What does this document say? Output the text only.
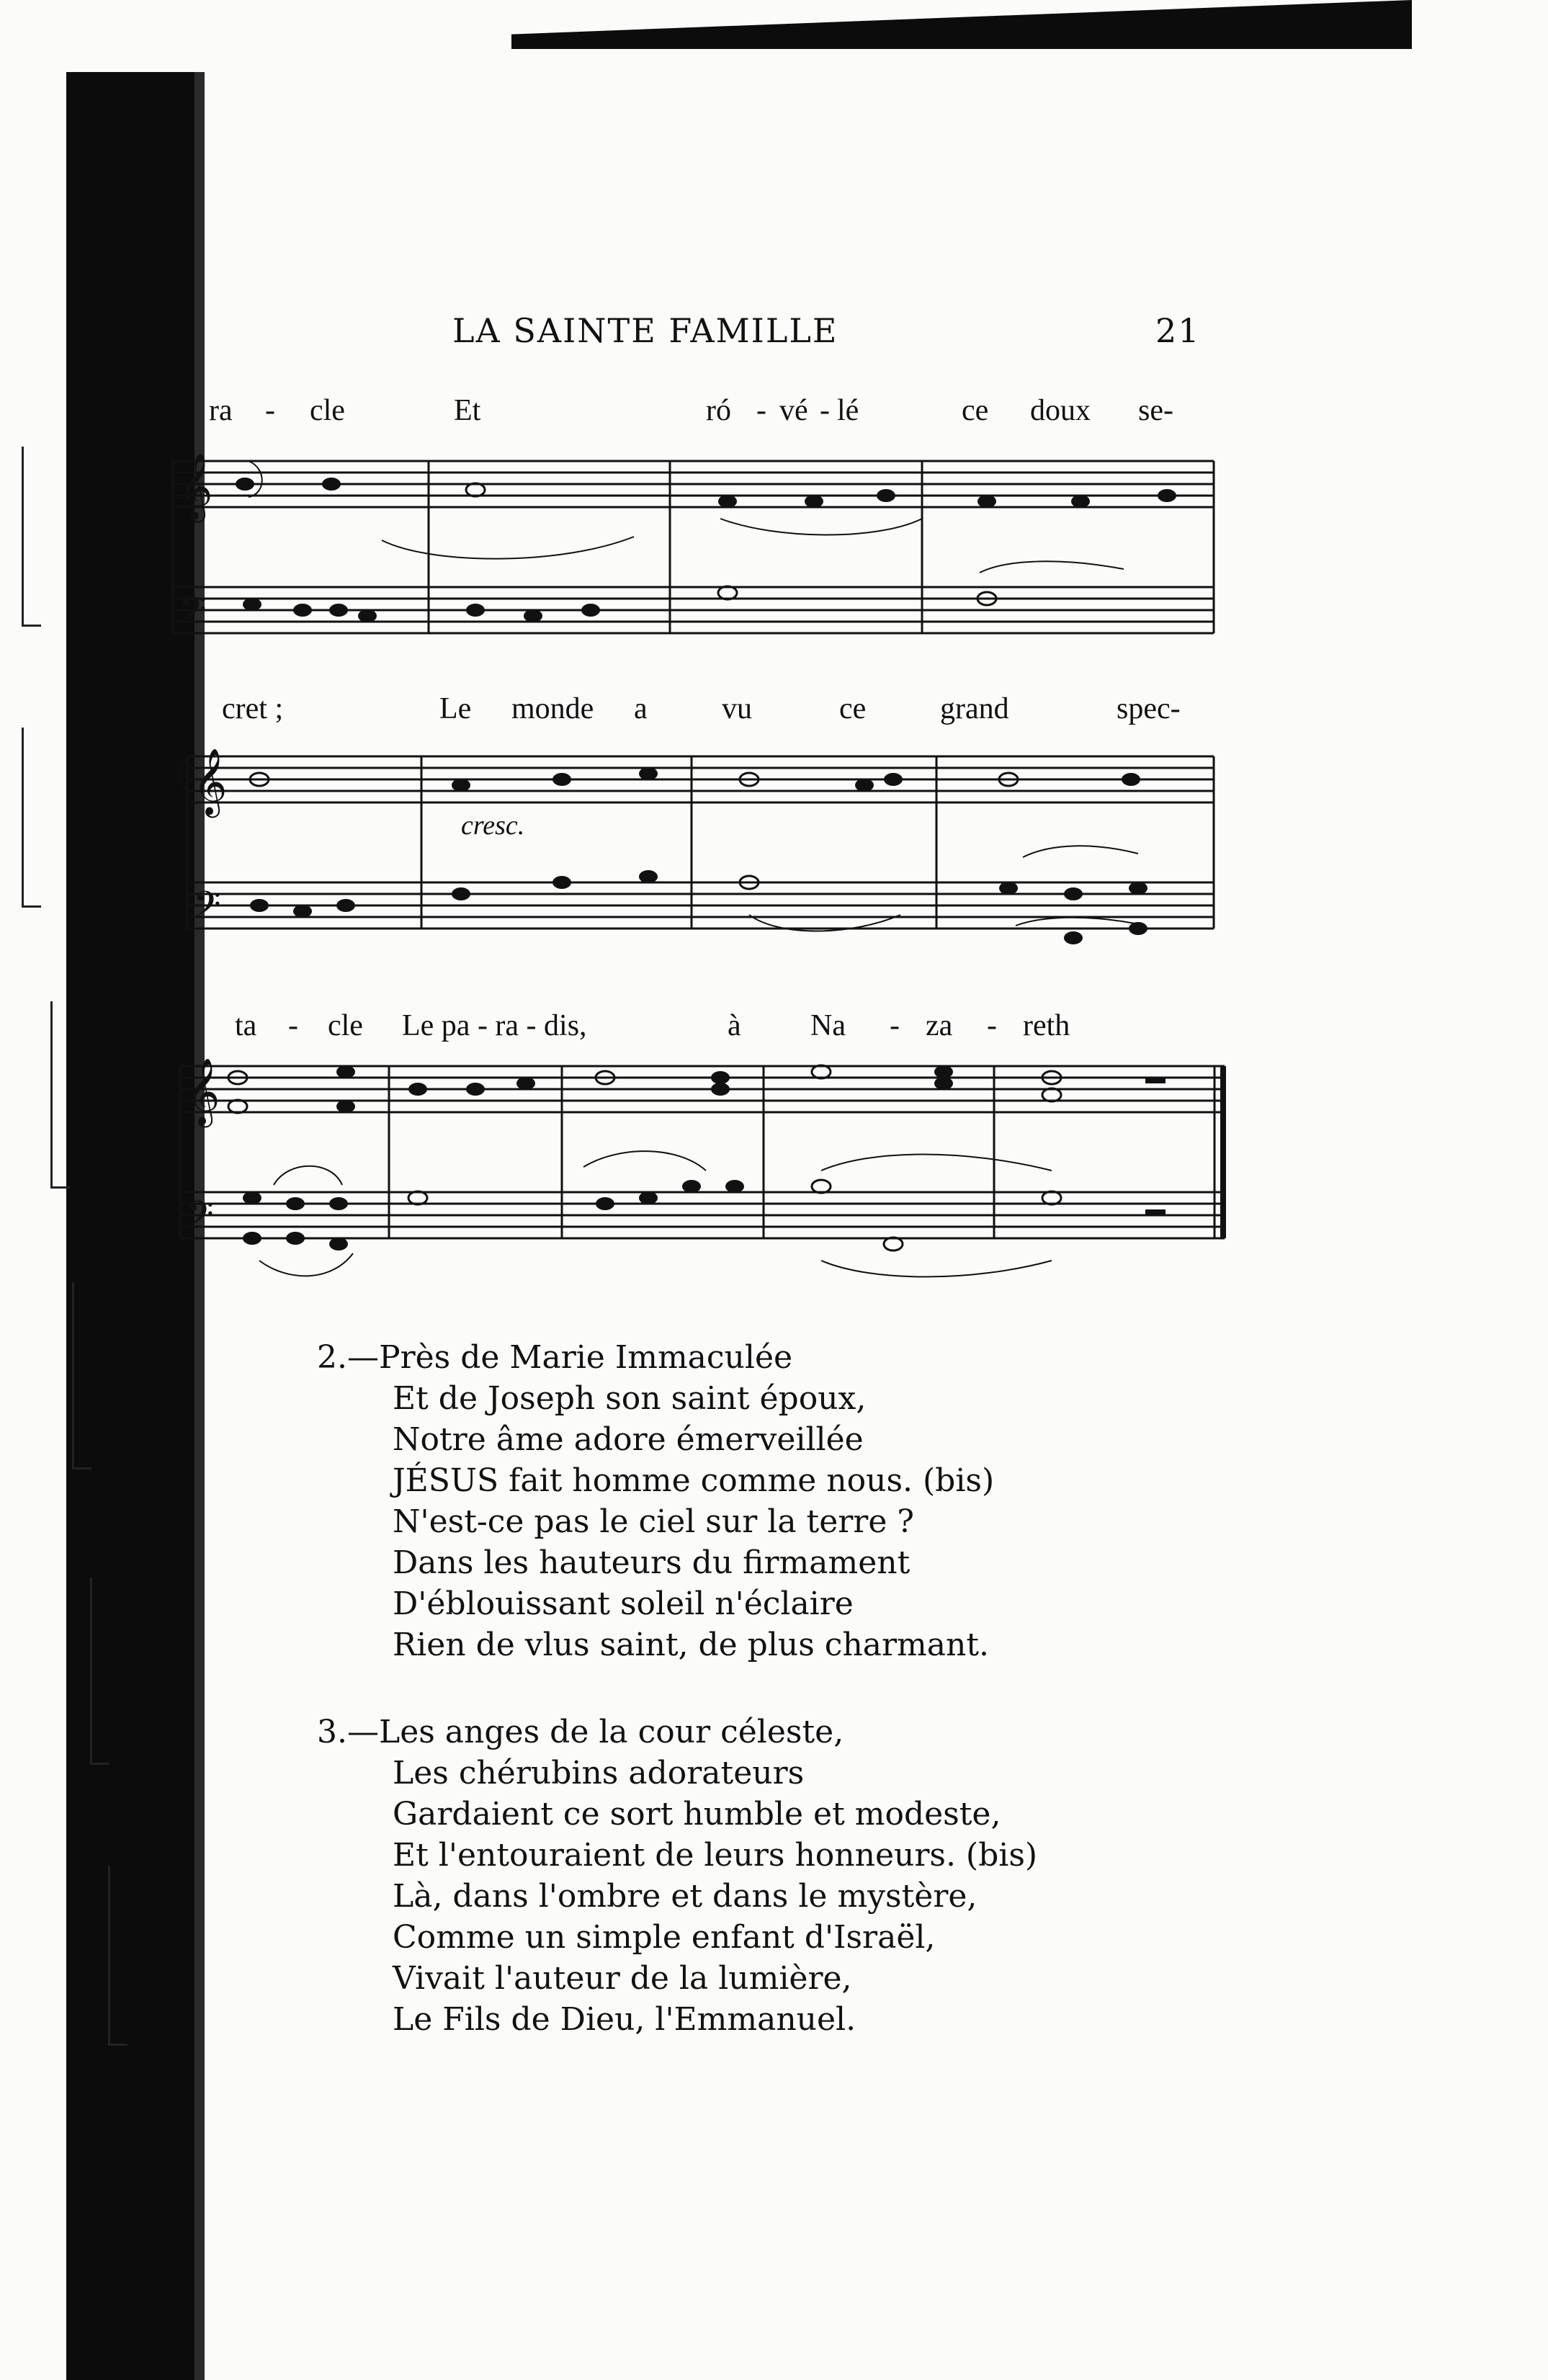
LA SAINTE FAMILLE	21
ra - cle	Et	ró - vé - lé	ce doux se-
𝄞
𝄢
cret ;	Le monde a vu	ce grand	spec-
𝄞
𝄢
cresc.
ta - cle Le pa - ra - dis,	à Na - za - reth
𝄞
𝄢
2.—Près de Marie Immaculée
Et de Joseph son saint époux,
Notre âme adore émerveillée
JÉSUS fait homme comme nous. (bis)
N'est-ce pas le ciel sur la terre ?
Dans les hauteurs du firmament
D'éblouissant soleil n'éclaire
Rien de vlus saint, de plus charmant.
3.—Les anges de la cour céleste,
Les chérubins adorateurs
Gardaient ce sort humble et modeste,
Et l'entouraient de leurs honneurs. (bis)
Là, dans l'ombre et dans le mystère,
Comme un simple enfant d'Israël,
Vivait l'auteur de la lumière,
Le Fils de Dieu, l'Emmanuel.
